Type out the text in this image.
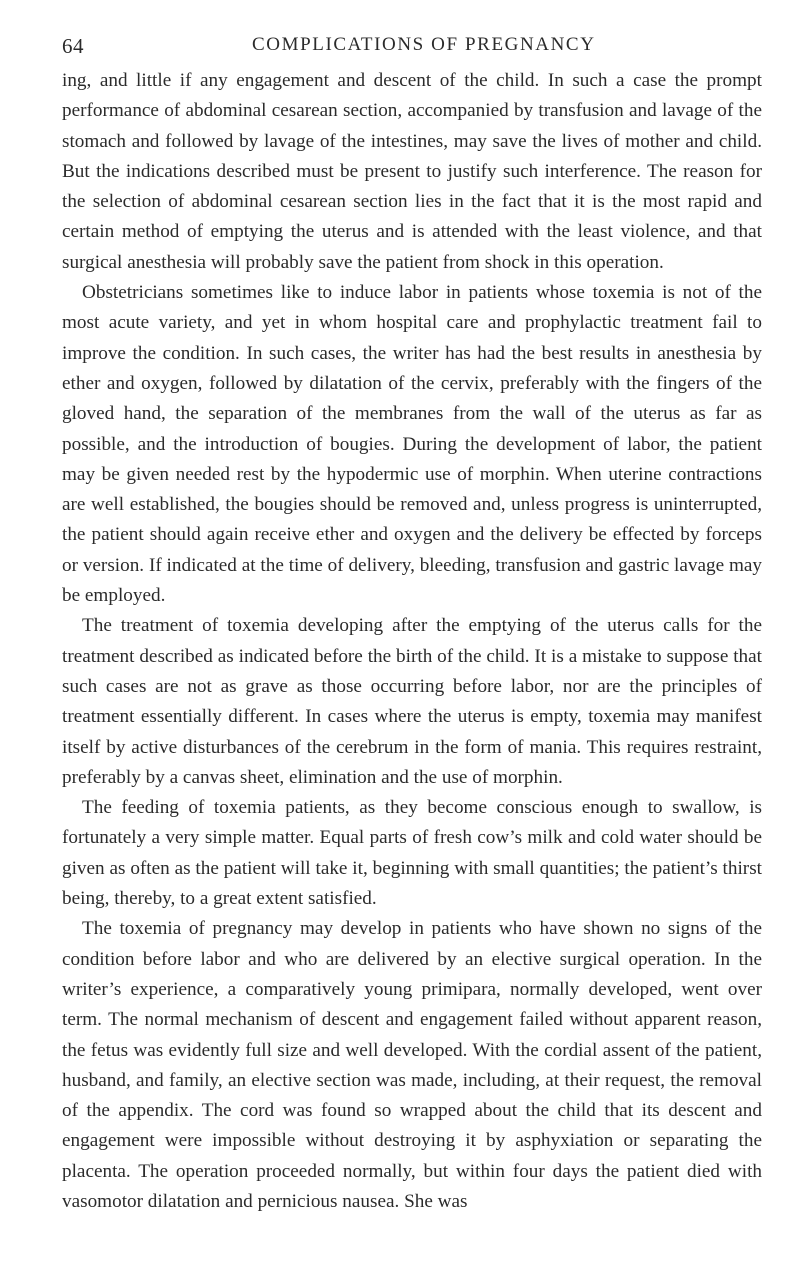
64	COMPLICATIONS OF PREGNANCY

ing, and little if any engagement and descent of the child. In such a case the prompt performance of abdominal cesarean section, accompanied by transfusion and lavage of the stomach and followed by lavage of the intestines, may save the lives of mother and child. But the indications described must be present to justify such interference. The reason for the selection of abdominal cesarean section lies in the fact that it is the most rapid and certain method of emptying the uterus and is attended with the least violence, and that surgical anesthesia will probably save the patient from shock in this operation.

Obstetricians sometimes like to induce labor in patients whose toxemia is not of the most acute variety, and yet in whom hospital care and prophylactic treatment fail to improve the condition. In such cases, the writer has had the best results in anesthesia by ether and oxygen, followed by dilatation of the cervix, preferably with the fingers of the gloved hand, the separation of the membranes from the wall of the uterus as far as possible, and the introduction of bougies. During the development of labor, the patient may be given needed rest by the hypodermic use of morphin. When uterine contractions are well established, the bougies should be removed and, unless progress is uninterrupted, the patient should again receive ether and oxygen and the delivery be effected by forceps or version. If indicated at the time of delivery, bleeding, transfusion and gastric lavage may be employed.

The treatment of toxemia developing after the emptying of the uterus calls for the treatment described as indicated before the birth of the child. It is a mistake to suppose that such cases are not as grave as those occurring before labor, nor are the principles of treatment essentially different. In cases where the uterus is empty, toxemia may manifest itself by active disturbances of the cerebrum in the form of mania. This requires restraint, preferably by a canvas sheet, elimination and the use of morphin.

The feeding of toxemia patients, as they become conscious enough to swallow, is fortunately a very simple matter. Equal parts of fresh cow’s milk and cold water should be given as often as the patient will take it, beginning with small quantities; the patient’s thirst being, thereby, to a great extent satisfied.

The toxemia of pregnancy may develop in patients who have shown no signs of the condition before labor and who are delivered by an elective surgical operation. In the writer’s experience, a comparatively young primipara, normally developed, went over term. The normal mechanism of descent and engagement failed without apparent reason, the fetus was evidently full size and well developed. With the cordial assent of the patient, husband, and family, an elective section was made, including, at their request, the removal of the appendix. The cord was found so wrapped about the child that its descent and engagement were impossible without destroying it by asphyxiation or separating the placenta. The operation proceeded normally, but within four days the patient died with vasomotor dilatation and pernicious nausea. She was
